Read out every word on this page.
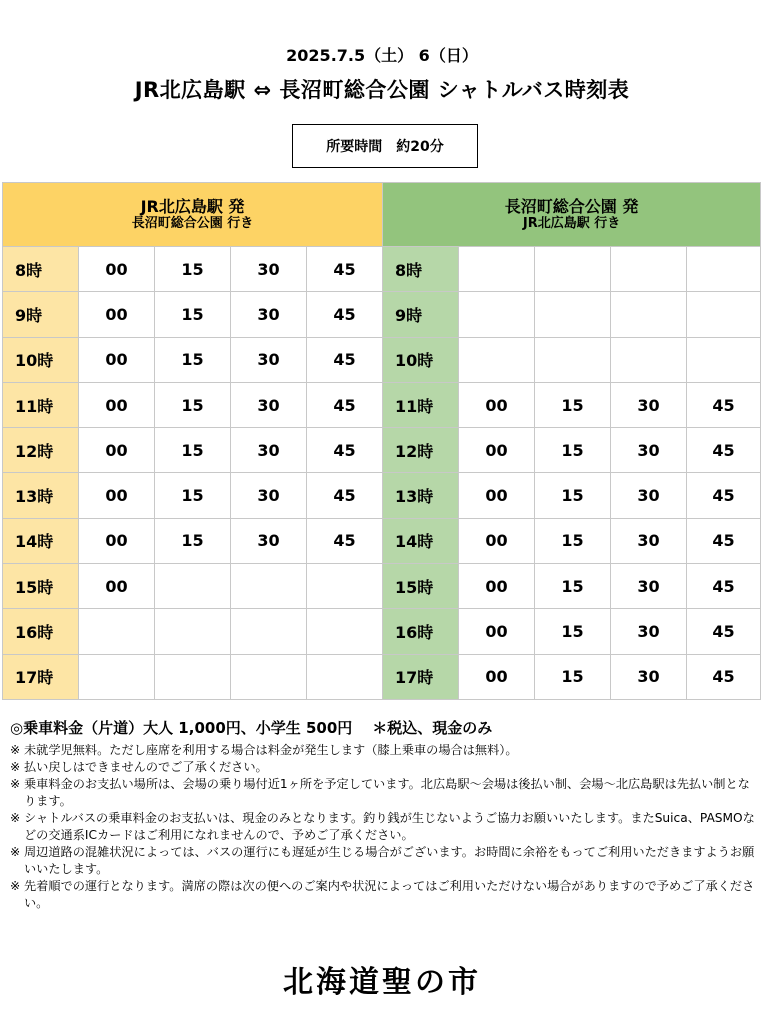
2025.7.5（土） 6（日）
JR北広島駅 ⇔ 長沼町総合公園 シャトルバス時刻表
所要時間　約20分
JR北広島駅 発
長沼町総合公園 行き					長沼町総合公園 発
JR北広島駅 行き				

8時	00	15	30	45	8時				
9時	00	15	30	45	9時				
10時	00	15	30	45	10時				
11時	00	15	30	45	11時	00	15	30	45
12時	00	15	30	45	12時	00	15	30	45
13時	00	15	30	45	13時	00	15	30	45
14時	00	15	30	45	14時	00	15	30	45
15時	00				15時	00	15	30	45
16時					16時	00	15	30	45
17時					17時	00	15	30	45
◎乗車料金（片道）大人 1,000円、小学生 500円 ＊税込、現金のみ
※ 未就学児無料。ただし座席を利用する場合は料金が発生します（膝上乗車の場合は無料）。
※ 払い戻しはできませんのでご了承ください。
※ 乗車料金のお支払い場所は、会場の乗り場付近1ヶ所を予定しています。北広島駅～会場は後払い制、会場～北広島駅は先払い制となります。
※ シャトルバスの乗車料金のお支払いは、現金のみとなります。釣り銭が生じないようご協力お願いいたします。またSuica、PASMOなどの交通系ICカードはご利用になれませんので、予めご了承ください。
※ 周辺道路の混雑状況によっては、バスの運行にも遅延が生じる場合がございます。お時間に余裕をもってご利用いただきますようお願いいたします。
※ 先着順での運行となります。満席の際は次の便へのご案内や状況によってはご利用いただけない場合がありますので予めご了承ください。
北海道聖の市
